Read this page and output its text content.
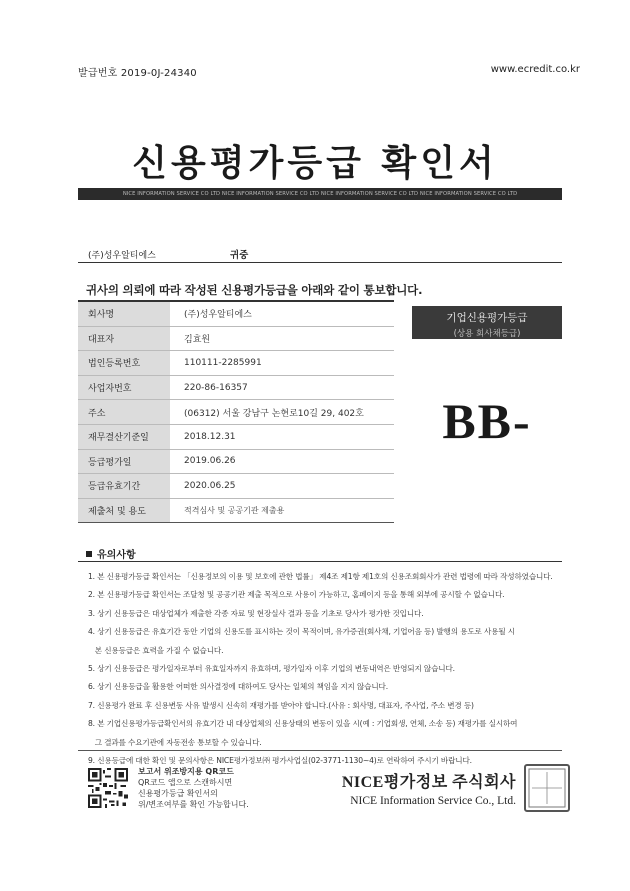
발급번호 2019-0J-24340	www.ecredit.co.kr
신용평가등급 확인서
NICE INFORMATION SERVICE CO LTD NICE INFORMATION SERVICE CO LTD NICE INFORMATION SERVICE CO LTD NICE INFORMATION SERVICE CO LTD
(주)성우알티에스	귀중
귀사의 의뢰에 따라 작성된 신용평가등급을 아래와 같이 통보합니다.
회사명	(주)성우알티에스
대표자	김효원
법인등록번호	110111-2285991
사업자번호	220-86-16357
주소	(06312) 서울 강남구 논현로10길 29, 402호
재무결산기준일	2018.12.31
등급평가일	2019.06.26
등급유효기간	2020.06.25
제출처 및 용도	적격심사 및 공공기관 제출용
기업신용평가등급
(상용 회사채등급)
BB-
유의사항
1. 본 신용평가등급 확인서는 「신용정보의 이용 및 보호에 관한 법률」 제4조 제1항 제1호의 신용조회회사가 관련 법령에 따라 작성하였습니다.
2. 본 신용평가등급 확인서는 조달청 및 공공기관 제출 목적으로 사용이 가능하고, 홈페이지 등을 통해 외부에 공시할 수 없습니다.
3. 상기 신용등급은 대상업체가 제출한 각종 자료 및 현장실사 결과 등을 기초로 당사가 평가한 것입니다.
4. 상기 신용등급은 유효기간 동안 기업의 신용도를 표시하는 것이 목적이며, 유가증권(회사채, 기업어음 등) 발행의 용도로 사용될 시
본 신용등급은 효력을 가질 수 없습니다.
5. 상기 신용등급은 평가일자로부터 유효일자까지 유효하며, 평가일자 이후 기업의 변동내역은 반영되지 않습니다.
6. 상기 신용등급을 활용한 어떠한 의사결정에 대하여도 당사는 일체의 책임을 지지 않습니다.
7. 신용평가 완료 후 신용변동 사유 발생시 신속히 재평가를 받아야 합니다.(사유 : 회사명, 대표자, 주사업, 주소 변경 등)
8. 본 기업신용평가등급확인서의 유효기간 내 대상업체의 신용상태의 변동이 있을 시(예 : 기업회생, 연체, 소송 등) 재평가를 실시하여
그 결과를 수요기관에 자동전송 통보할 수 있습니다.
9. 신용등급에 대한 확인 및 문의사항은 NICE평가정보㈜ 평가사업실(02-3771-1130~4)로 연락하여 주시기 바랍니다.
보고서 위조방지용 QR코드
QR코드 앱으로 스캔하시면
신용평가등급 확인서의
위/변조여부를 확인 가능합니다.
NICE평가정보 주식회사
NICE Information Service Co., Ltd.
